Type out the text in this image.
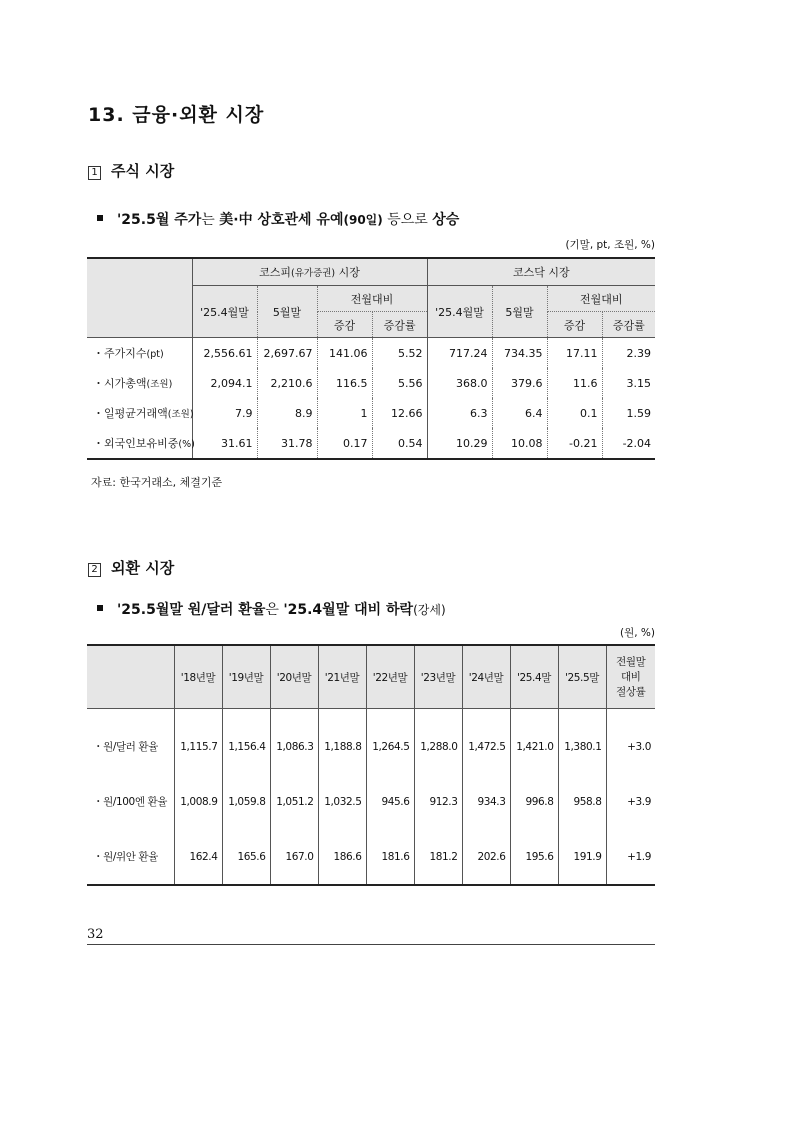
13. 금융·외환 시장
1 주식 시장
'25.5월 주가는 美·中 상호관세 유예(90일) 등으로 상승
(기말, pt, 조원, %)
	코스피(유가증권) 시장				코스닥 시장			
	'25.4월말	5월말	전월대비		'25.4월말	5월말	전월대비	
			증감	증감률			증감	증감률
・주가지수(pt)	2,556.61	2,697.67	141.06	5.52	717.24	734.35	17.11	2.39
・시가총액(조원)	2,094.1	2,210.6	116.5	5.56	368.0	379.6	11.6	3.15
・일평균거래액(조원)	7.9	8.9	1	12.66	6.3	6.4	0.1	1.59
・외국인보유비중(%)	31.61	31.78	0.17	0.54	10.29	10.08	-0.21	-2.04
자료: 한국거래소, 체결기준
2 외환 시장
'25.5월말 원/달러 환율은 '25.4월말 대비 하락(강세)
(원, %)
	'18년말	'19년말	'20년말	'21년말	'22년말	'23년말	'24년말	'25.4말	'25.5말	전월말
대비
절상률

・원/달러 환율	1,115.7	1,156.4	1,086.3	1,188.8	1,264.5	1,288.0	1,472.5	1,421.0	1,380.1	+3.0
・원/100엔 환율	1,008.9	1,059.8	1,051.2	1,032.5	945.6	912.3	934.3	996.8	958.8	+3.9
・원/위안 환율	162.4	165.6	167.0	186.6	181.6	181.2	202.6	195.6	191.9	+1.9
32
